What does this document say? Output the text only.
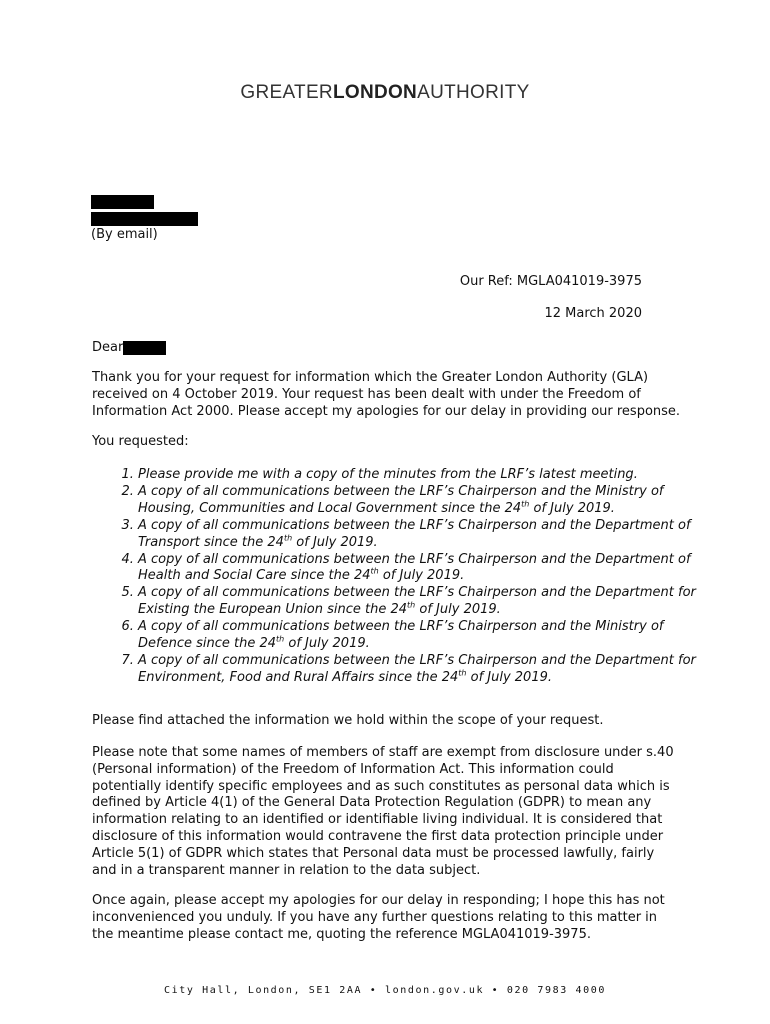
GREATERLONDONAUTHORITY
(By email)
Our Ref: MGLA041019-3975
12 March 2020
Dear

Thank you for your request for information which the Greater London Authority (GLA) received on 4 October 2019. Your request has been dealt with under the Freedom of Information Act 2000. Please accept my apologies for our delay in providing our response.

You requested:

1. Please provide me with a copy of the minutes from the LRF’s latest meeting.
2. A copy of all communications between the LRF’s Chairperson and the Ministry of Housing, Communities and Local Government since the 24th of July 2019.
3. A copy of all communications between the LRF’s Chairperson and the Department of Transport since the 24th of July 2019.
4. A copy of all communications between the LRF’s Chairperson and the Department of Health and Social Care since the 24th of July 2019.
5. A copy of all communications between the LRF’s Chairperson and the Department for Existing the European Union since the 24th of July 2019.
6. A copy of all communications between the LRF’s Chairperson and the Ministry of Defence since the 24th of July 2019.
7. A copy of all communications between the LRF’s Chairperson and the Department for Environment, Food and Rural Affairs since the 24th of July 2019.

Please find attached the information we hold within the scope of your request.

Please note that some names of members of staff are exempt from disclosure under s.40 (Personal information) of the Freedom of Information Act. This information could potentially identify specific employees and as such constitutes as personal data which is defined by Article 4(1) of the General Data Protection Regulation (GDPR) to mean any information relating to an identified or identifiable living individual. It is considered that disclosure of this information would contravene the first data protection principle under Article 5(1) of GDPR which states that Personal data must be processed lawfully, fairly and in a transparent manner in relation to the data subject.

Once again, please accept my apologies for our delay in responding; I hope this has not inconvenienced you unduly. If you have any further questions relating to this matter in the meantime please contact me, quoting the reference MGLA041019-3975.

City Hall, London, SE1 2AA • london.gov.uk • 020 7983 4000
